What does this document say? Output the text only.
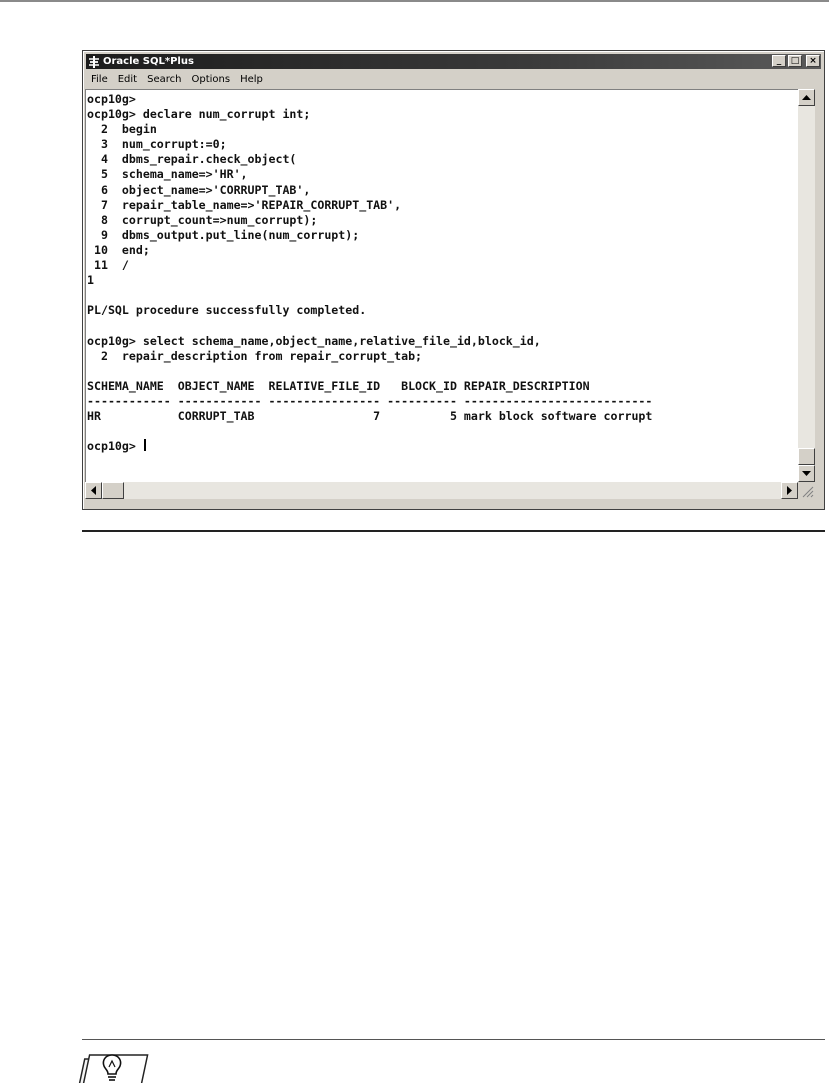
Oracle SQL*Plus	_	□	×
File	Edit	Search	Options	Help
ocp10g>
ocp10g> declare num_corrupt int;
2  begin
3  num_corrupt:=0;
4  dbms_repair.check_object(
5  schema_name=>'HR',
6  object_name=>'CORRUPT_TAB',
7  repair_table_name=>'REPAIR_CORRUPT_TAB',
8  corrupt_count=>num_corrupt);
9  dbms_output.put_line(num_corrupt);
10  end;
11  /
1

PL/SQL procedure successfully completed.

ocp10g> select schema_name,object_name,relative_file_id,block_id,
2  repair_description from repair_corrupt_tab;

SCHEMA_NAME  OBJECT_NAME  RELATIVE_FILE_ID   BLOCK_ID REPAIR_DESCRIPTION
------------ ------------ ---------------- ---------- ---------------------------
HR           CORRUPT_TAB                 7          5 mark block software corrupt

ocp10g>
